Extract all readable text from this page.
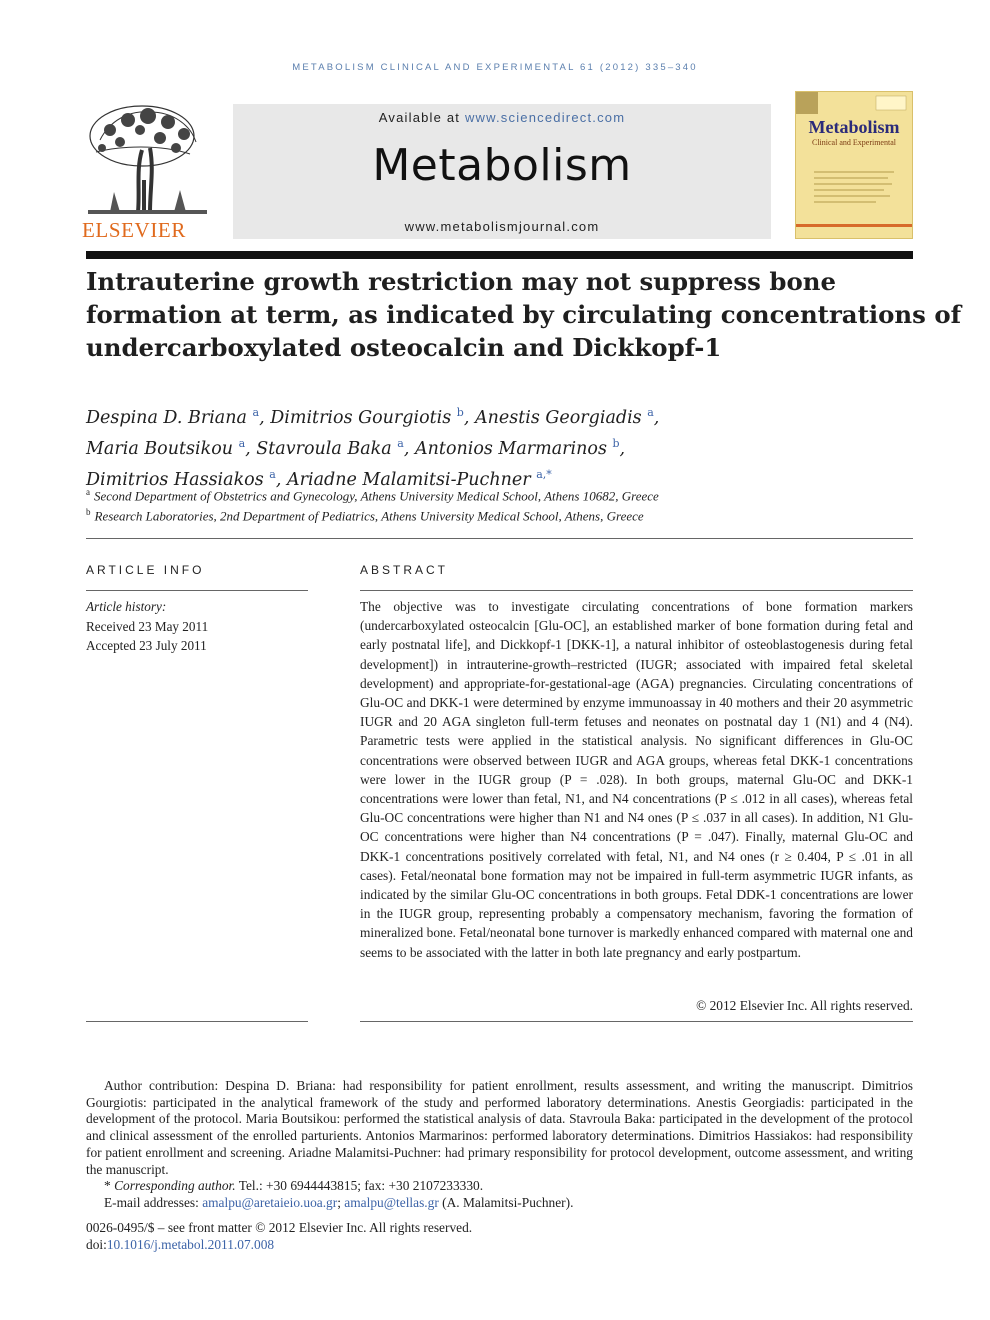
METABOLISM CLINICAL AND EXPERIMENTAL 61 (2012) 335–340
ELSEVIER
Available at www.sciencedirect.com
Metabolism
www.metabolismjournal.com
Metabolism
Clinical and Experimental
Intrauterine growth restriction may not suppress bone
formation at term, as indicated by circulating concentrations of
undercarboxylated osteocalcin and Dickkopf-1
Despina D. Briana $^a$, Dimitrios Gourgiotis $^b$, Anestis Georgiadis $^a$,
Maria Boutsikou $^a$, Stavroula Baka $^a$, Antonios Marmarinos $^b$,
Dimitrios Hassiakos $^a$, Ariadne Malamitsi-Puchner $^{a,*}$
$^a$ Second Department of Obstetrics and Gynecology, Athens University Medical School, Athens 10682, Greece
$^b$ Research Laboratories, 2nd Department of Pediatrics, Athens University Medical School, Athens, Greece
ARTICLE INFO
Article history:
Received 23 May 2011
Accepted 23 July 2011
ABSTRACT
The objective was to investigate circulating concentrations of bone formation markers (undercarboxylated osteocalcin [Glu-OC], an established marker of bone formation during fetal and early postnatal life], and Dickkopf-1 [DKK-1], a natural inhibitor of osteoblastogenesis during fetal development]) in intrauterine-growth–restricted (IUGR; associated with impaired fetal skeletal development) and appropriate-for-gestational-age (AGA) pregnancies. Circulating concentrations of Glu-OC and DKK-1 were determined by enzyme immunoassay in 40 mothers and their 20 asymmetric IUGR and 20 AGA singleton full-term fetuses and neonates on postnatal day 1 (N1) and 4 (N4). Parametric tests were applied in the statistical analysis. No significant differences in Glu-OC concentrations were observed between IUGR and AGA groups, whereas fetal DKK-1 concentrations were lower in the IUGR group (P = .028). In both groups, maternal Glu-OC and DKK-1 concentrations were lower than fetal, N1, and N4 concentrations (P ≤ .012 in all cases), whereas fetal Glu-OC concentrations were higher than N1 and N4 ones (P ≤ .037 in all cases). In addition, N1 Glu-OC concentrations were higher than N4 concentrations (P = .047). Finally, maternal Glu-OC and DKK-1 concentrations positively correlated with fetal, N1, and N4 ones (r ≥ 0.404, P ≤ .01 in all cases). Fetal/neonatal bone formation may not be impaired in full-term asymmetric IUGR infants, as indicated by the similar Glu-OC concentrations in both groups. Fetal DDK-1 concentrations are lower in the IUGR group, representing probably a compensatory mechanism, favoring the formation of mineralized bone. Fetal/neonatal bone turnover is markedly enhanced compared with maternal one and seems to be associated with the latter in both late pregnancy and early postpartum.
© 2012 Elsevier Inc. All rights reserved.
Author contribution: Despina D. Briana: had responsibility for patient enrollment, results assessment, and writing the manuscript. Dimitrios Gourgiotis: participated in the analytical framework of the study and performed laboratory determinations. Anestis Georgiadis: participated in the development of the protocol. Maria Boutsikou: performed the statistical analysis of data. Stavroula Baka: participated in the development of the protocol and clinical assessment of the enrolled parturients. Antonios Marmarinos: performed laboratory determinations. Dimitrios Hassiakos: had responsibility for patient enrollment and screening. Ariadne Malamitsi-Puchner: had primary responsibility for protocol development, outcome assessment, and writing the manuscript.
* Corresponding author. Tel.: +30 6944443815; fax: +30 2107233330.
E-mail addresses: amalpu@aretaieio.uoa.gr; amalpu@tellas.gr (A. Malamitsi-Puchner).
0026-0495/$ – see front matter © 2012 Elsevier Inc. All rights reserved.
doi:10.1016/j.metabol.2011.07.008
